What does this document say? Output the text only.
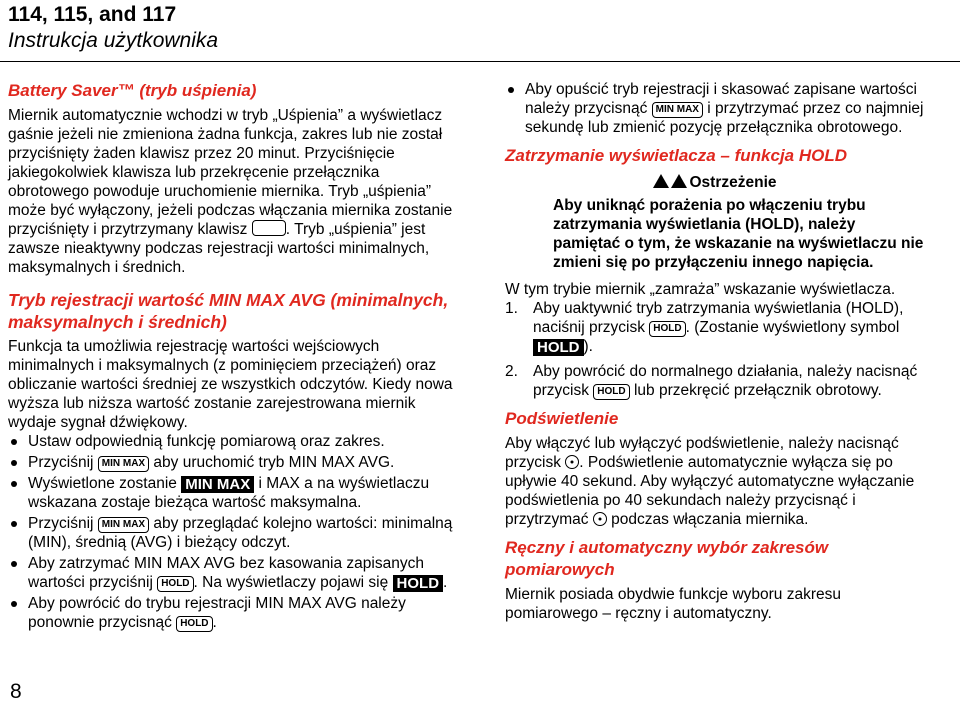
114, 115, and 117
Instrukcja użytkownika
Battery Saver™ (tryb uśpienia)

Miernik automatycznie wchodzi w tryb „Uśpienia” a wyświetlacz gaśnie jeżeli nie zmieniona żadna funkcja, zakres lub nie został przyciśnięty żaden klawisz przez 20 minut. Przyciśnięcie jakiegokolwiek klawisza lub przekręcenie przełącznika obrotowego powoduje uruchomienie miernika. Tryb „uśpienia” może być wyłączony, jeżeli podczas włączania miernika zostanie przyciśnięty i przytrzymany klawisz . Tryb „uśpienia” jest zawsze nieaktywny podczas rejestracji wartości minimalnych, maksymalnych i średnich.

Tryb rejestracji wartość MIN MAX AVG (minimalnych, maksymalnych i średnich)

Funkcja ta umożliwia rejestrację wartości wejściowych minimalnych i maksymalnych (z pominięciem przeciążeń) oraz obliczanie wartości średniej ze wszystkich odczytów. Kiedy nowa wyższa lub niższa wartość zostanie zarejestrowana miernik wydaje sygnał dźwiękowy.

Ustaw odpowiednią funkcję pomiarową oraz zakres.
Przyciśnij MIN MAX aby uruchomić tryb MIN MAX AVG.
Wyświetlone zostanie MIN MAX i MAX a na wyświetlaczu wskazana zostaje bieżąca wartość maksymalna.
Przyciśnij MIN MAX aby przeglądać kolejno wartości: minimalną (MIN), średnią (AVG) i bieżący odczyt.
Aby zatrzymać MIN MAX AVG bez kasowania zapisanych wartości przyciśnij HOLD . Na wyświetlaczy pojawi się HOLD .
Aby powrócić do trybu rejestracji MIN MAX AVG należy ponownie przycisnąć HOLD .
Aby opuścić tryb rejestracji i skasować zapisane wartości należy przycisnąć MIN MAX i przytrzymać przez co najmniej sekundę lub zmienić pozycję przełącznika obrotowego.
Zatrzymanie wyświetlacza – funkcja HOLD
Ostrzeżenie
Aby uniknąć porażenia po włączeniu trybu zatrzymania wyświetlania (HOLD), należy pamiętać o tym, że wskazanie na wyświetlaczu nie zmieni się po przyłączeniu innego napięcia.

W tym trybie miernik „zamraża” wskazanie wyświetlacza.

1. Aby uaktywnić tryb zatrzymania wyświetlania (HOLD), naciśnij przycisk HOLD . (Zostanie wyświetlony symbol HOLD ).
2. Aby powrócić do normalnego działania, należy nacisnąć przycisk HOLD lub przekręcić przełącznik obrotowy.
Podświetlenie

Aby włączyć lub wyłączyć podświetlenie, należy nacisnąć przycisk . Podświetlenie automatycznie wyłącza się po upływie 40 sekund. Aby wyłączyć automatyczne wyłączanie podświetlenia po 40 sekundach należy przycisnąć i przytrzymać podczas włączania miernika.

Ręczny i automatyczny wybór zakresów pomiarowych

Miernik posiada obydwie funkcje wyboru zakresu pomiarowego – ręczny i automatyczny.

8
